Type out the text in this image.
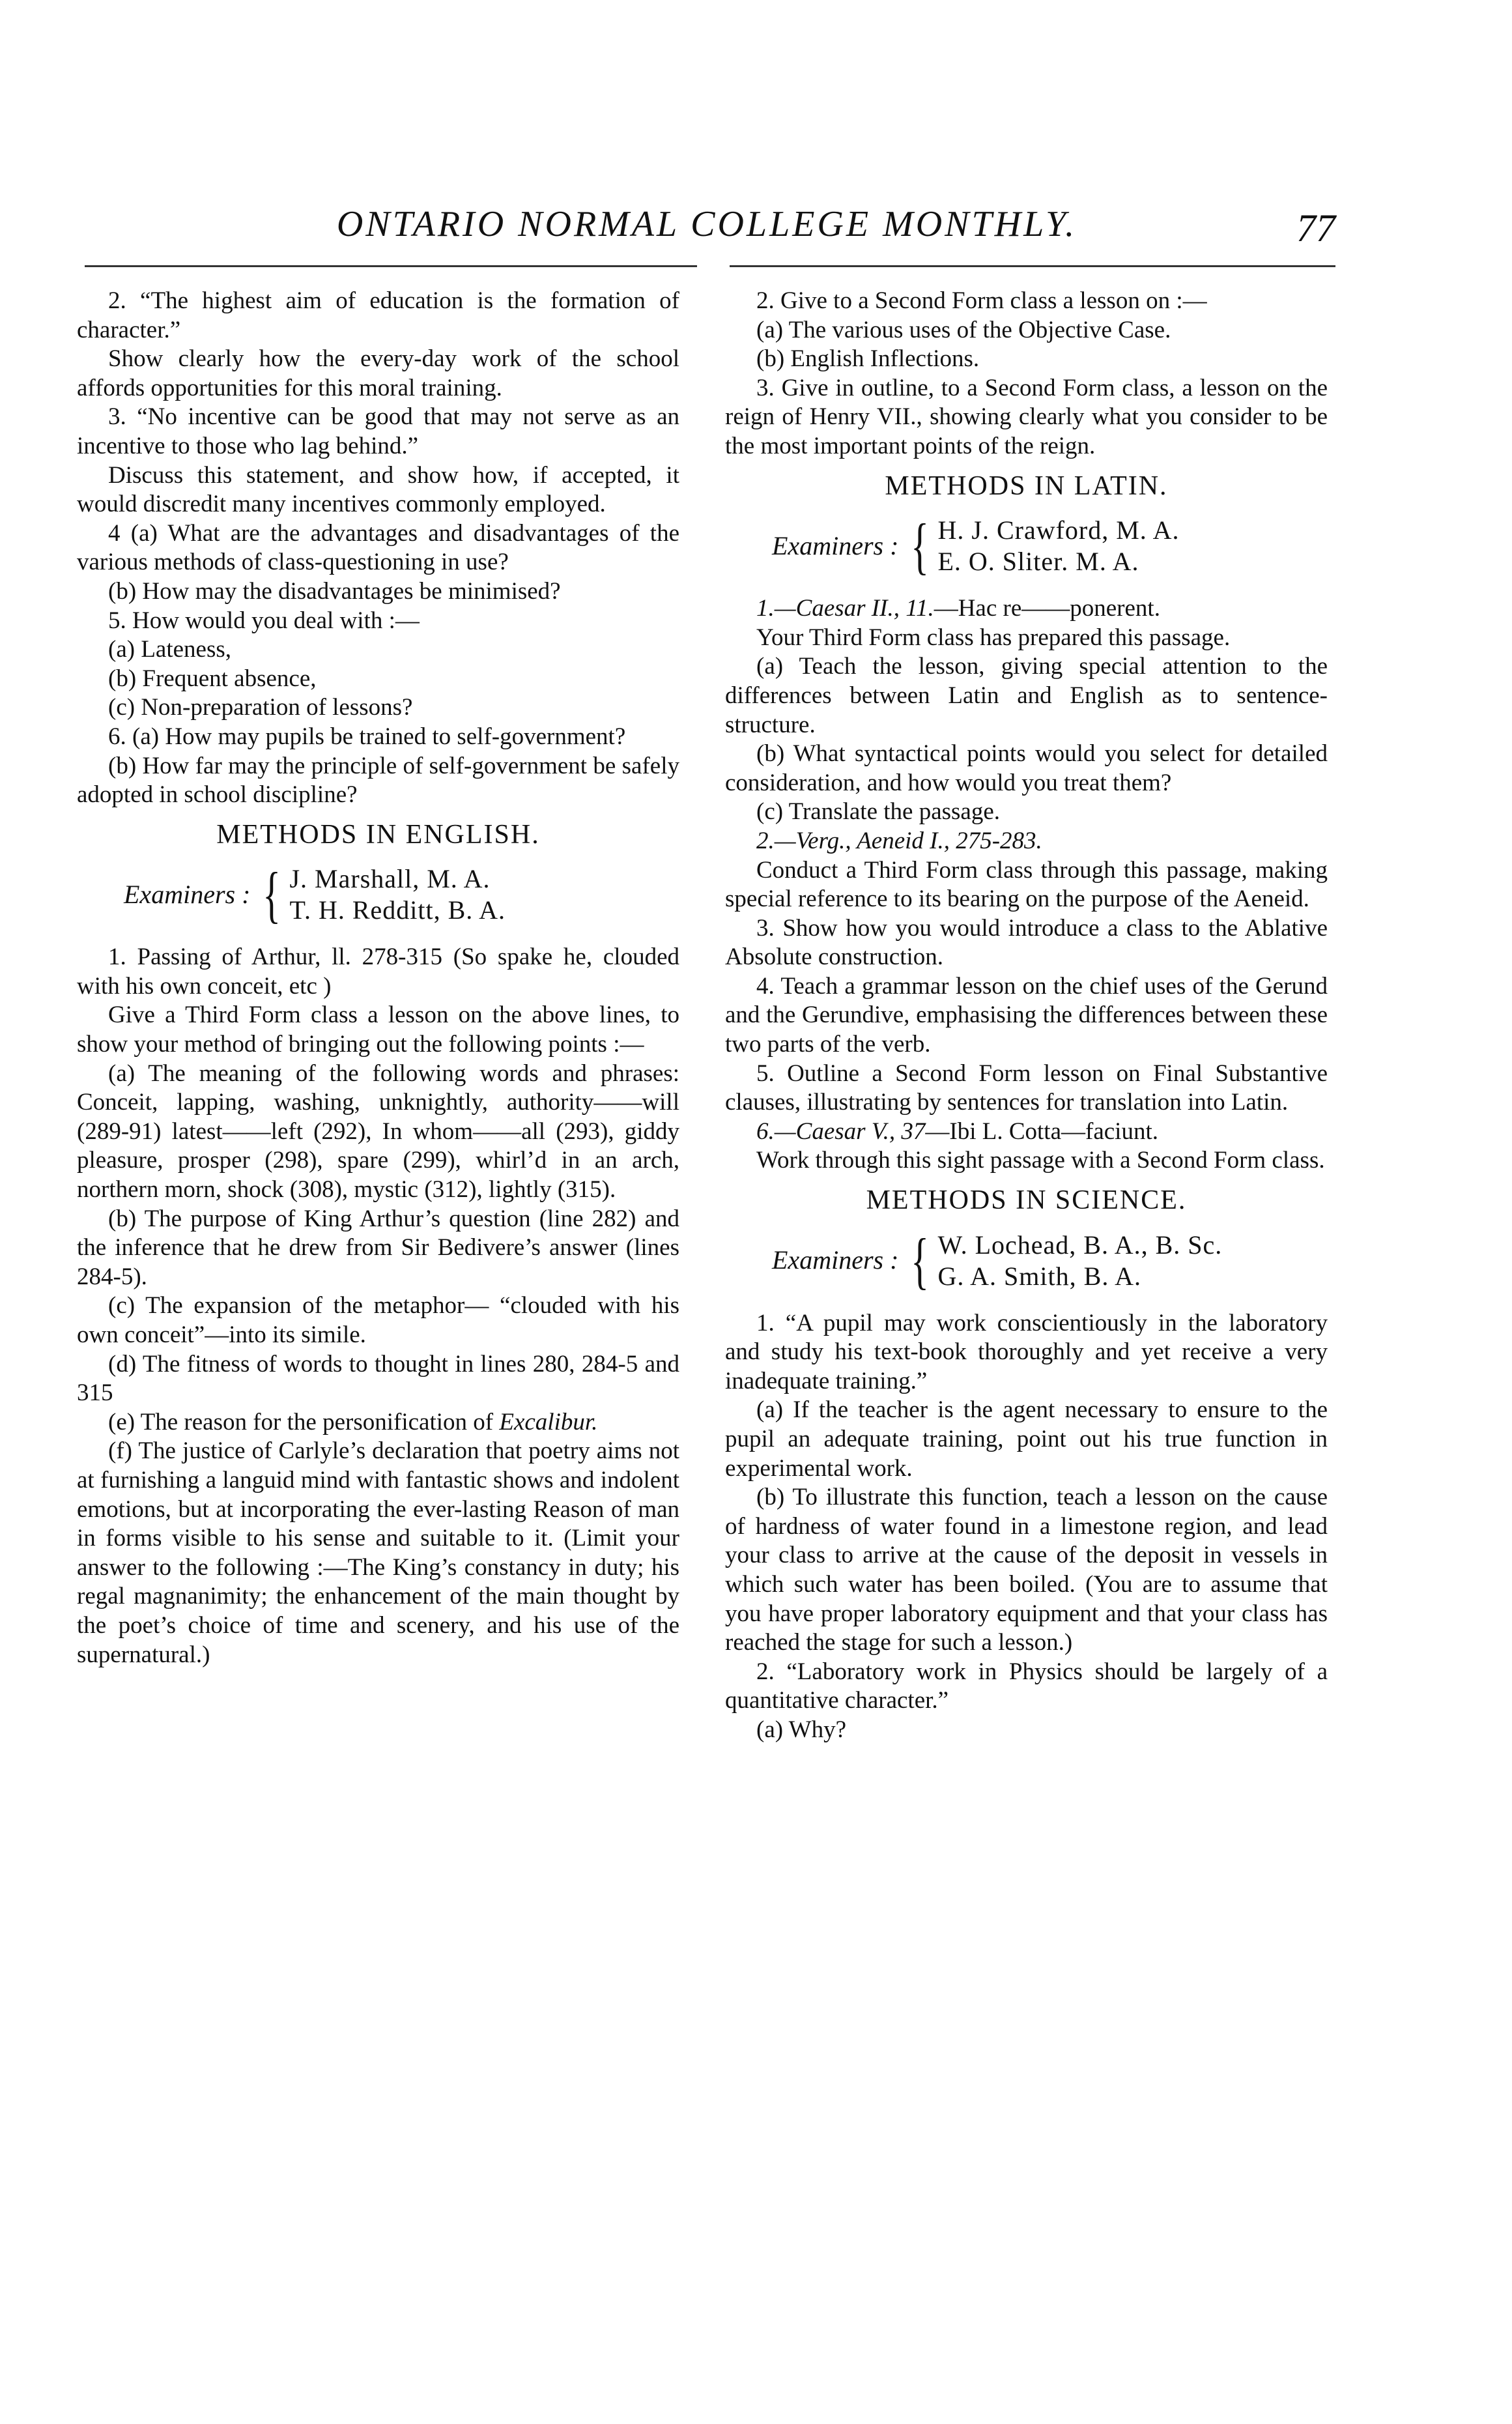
ONTARIO NORMAL COLLEGE MONTHLY.	77

2. “The highest aim of education is the formation of character.”

Show clearly how the every-day work of the school affords opportunities for this moral training.

3. “No incentive can be good that may not serve as an incentive to those who lag behind.”

Discuss this statement, and show how, if accepted, it would discredit many incentives commonly employed.

4 (a) What are the advantages and disadvantages of the various methods of class-questioning in use?

(b) How may the disadvantages be minimised?

5. How would you deal with :—

(a) Lateness,

(b) Frequent absence,

(c) Non-preparation of lessons?

6. (a) How may pupils be trained to self-government?

(b) How far may the principle of self-government be safely adopted in school discipline?

METHODS IN ENGLISH.
Examiners : { J. Marshall, M. A.
T. H. Redditt, B. A.

1. Passing of Arthur, ll. 278-315 (So spake he, clouded with his own conceit, etc )

Give a Third Form class a lesson on the above lines, to show your method of bringing out the following points :—

(a) The meaning of the following words and phrases: Conceit, lapping, washing, unknightly, authority——will (289-91) latest——left (292), In whom——all (293), giddy pleasure, prosper (298), spare (299), whirl’d in an arch, northern morn, shock (308), mystic (312), lightly (315).

(b) The purpose of King Arthur’s question (line 282) and the inference that he drew from Sir Bedivere’s answer (lines 284-5).

(c) The expansion of the metaphor— “clouded with his own conceit”—into its simile.

(d) The fitness of words to thought in lines 280, 284-5 and 315

(e) The reason for the personification of Excalibur.

(f) The justice of Carlyle’s declaration that poetry aims not at furnishing a languid mind with fantastic shows and indolent emotions, but at incorporating the ever-lasting Reason of man in forms visible to his sense and suitable to it. (Limit your answer to the following :—The King’s constancy in duty; his regal magnanimity; the enhancement of the main thought by the poet’s choice of time and scenery, and his use of the supernatural.)

2. Give to a Second Form class a lesson on :—

(a) The various uses of the Objective Case.

(b) English Inflections.

3. Give in outline, to a Second Form class, a lesson on the reign of Henry VII., showing clearly what you consider to be the most important points of the reign.

METHODS IN LATIN.
Examiners : { H. J. Crawford, M. A.
E. O. Sliter. M. A.

1.—Caesar II., 11.—Hac re——ponerent.

Your Third Form class has prepared this passage.

(a) Teach the lesson, giving special attention to the differences between Latin and English as to sentence-structure.

(b) What syntactical points would you select for detailed consideration, and how would you treat them?

(c) Translate the passage.

2.—Verg., Aeneid I., 275-283.

Conduct a Third Form class through this passage, making special reference to its bearing on the purpose of the Aeneid.

3. Show how you would introduce a class to the Ablative Absolute construction.

4. Teach a grammar lesson on the chief uses of the Gerund and the Gerundive, emphasising the differences between these two parts of the verb.

5. Outline a Second Form lesson on Final Substantive clauses, illustrating by sentences for translation into Latin.

6.—Caesar V., 37—Ibi L. Cotta—faciunt.

Work through this sight passage with a Second Form class.

METHODS IN SCIENCE.
Examiners : { W. Lochead, B. A., B. Sc.
G. A. Smith, B. A.

1. “A pupil may work conscientiously in the laboratory and study his text-book thoroughly and yet receive a very inadequate training.”

(a) If the teacher is the agent necessary to ensure to the pupil an adequate training, point out his true function in experimental work.

(b) To illustrate this function, teach a lesson on the cause of hardness of water found in a limestone region, and lead your class to arrive at the cause of the deposit in vessels in which such water has been boiled. (You are to assume that you have proper laboratory equipment and that your class has reached the stage for such a lesson.)

2. “Laboratory work in Physics should be largely of a quantitative character.”

(a) Why?
